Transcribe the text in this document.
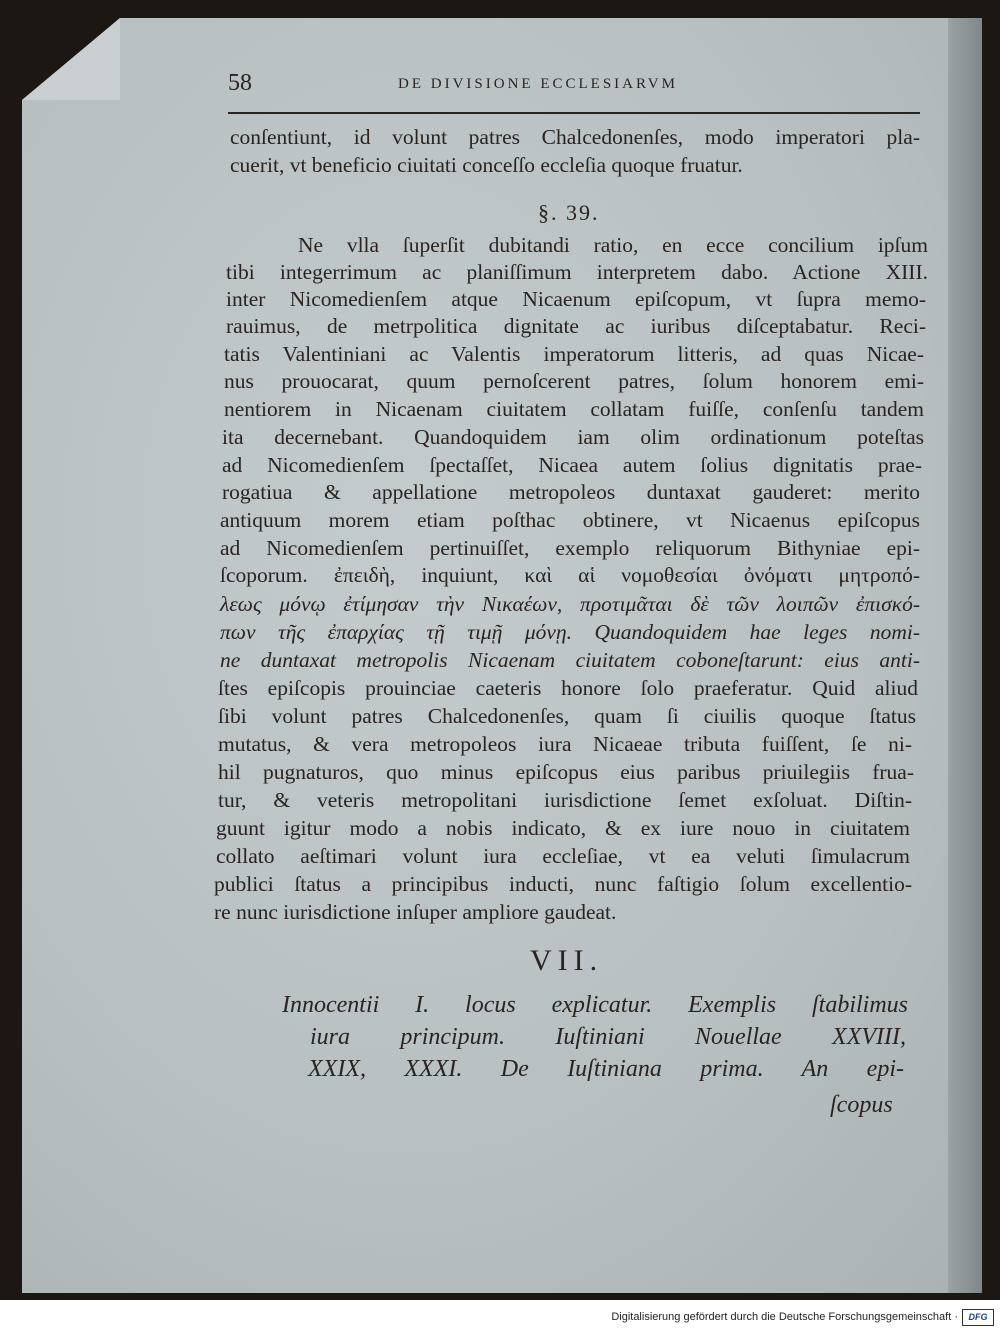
58	DE DIVISIONE ECCLESIARVM
conſentiunt, id volunt patres Chalcedonenſes, modo imperatori pla-
cuerit, vt beneficio ciuitati conceſſo eccleſia quoque fruatur.
§. 39.
Ne vlla ſuperſit dubitandi ratio, en ecce concilium ipſum
tibi integerrimum ac planiſſimum interpretem dabo. Actione XIII.
inter Nicomedienſem atque Nicaenum epiſcopum, vt ſupra memo-
rauimus, de metrpolitica dignitate ac iuribus diſceptabatur. Reci-
tatis Valentiniani ac Valentis imperatorum litteris, ad quas Nicae-
nus prouocarat, quum pernoſcerent patres, ſolum honorem emi-
nentiorem in Nicaenam ciuitatem collatam fuiſſe, conſenſu tandem
ita decernebant. Quandoquidem iam olim ordinationum poteſtas
ad Nicomedienſem ſpectaſſet, Nicaea autem ſolius dignitatis prae-
rogatiua & appellatione metropoleos duntaxat gauderet: merito
antiquum morem etiam poſthac obtinere, vt Nicaenus epiſcopus
ad Nicomedienſem pertinuiſſet, exemplo reliquorum Bithyniae epi-
ſcoporum. ἐπειδὴ, inquiunt, καὶ αἱ νομοθεσίαι ὀνόματι μητροπό-
λεως μόνῳ ἐτίμησαν τὴν Νικαέων, προτιμᾶται δὲ τῶν λοιπῶν ἐπισκό-
πων τῆς ἐπαρχίας τῇ τιμῇ μόνῃ. Quandoquidem hae leges nomi-
ne duntaxat metropolis Nicaenam ciuitatem coboneſtarunt: eius anti-
ſtes epiſcopis prouinciae caeteris honore ſolo praeferatur. Quid aliud
ſibi volunt patres Chalcedonenſes, quam ſi ciuilis quoque ſtatus
mutatus, & vera metropoleos iura Nicaeae tributa fuiſſent, ſe ni-
hil pugnaturos, quo minus epiſcopus eius paribus priuilegiis frua-
tur, & veteris metropolitani iurisdictione ſemet exſoluat. Diſtin-
guunt igitur modo a nobis indicato, & ex iure nouo in ciuitatem
collato aeſtimari volunt iura eccleſiae, vt ea veluti ſimulacrum
publici ſtatus a principibus inducti, nunc faſtigio ſolum excellentio-
re nunc iurisdictione inſuper ampliore gaudeat.
VII.
Innocentii I. locus explicatur. Exemplis ſtabilimus
iura principum. Iuſtiniani Nouellae XXVIII,
XXIX, XXXI. De Iuſtiniana prima. An epi-
ſcopus
Digitalisierung gefördert durch die Deutsche Forschungsgemeinschaft ·	DFG
